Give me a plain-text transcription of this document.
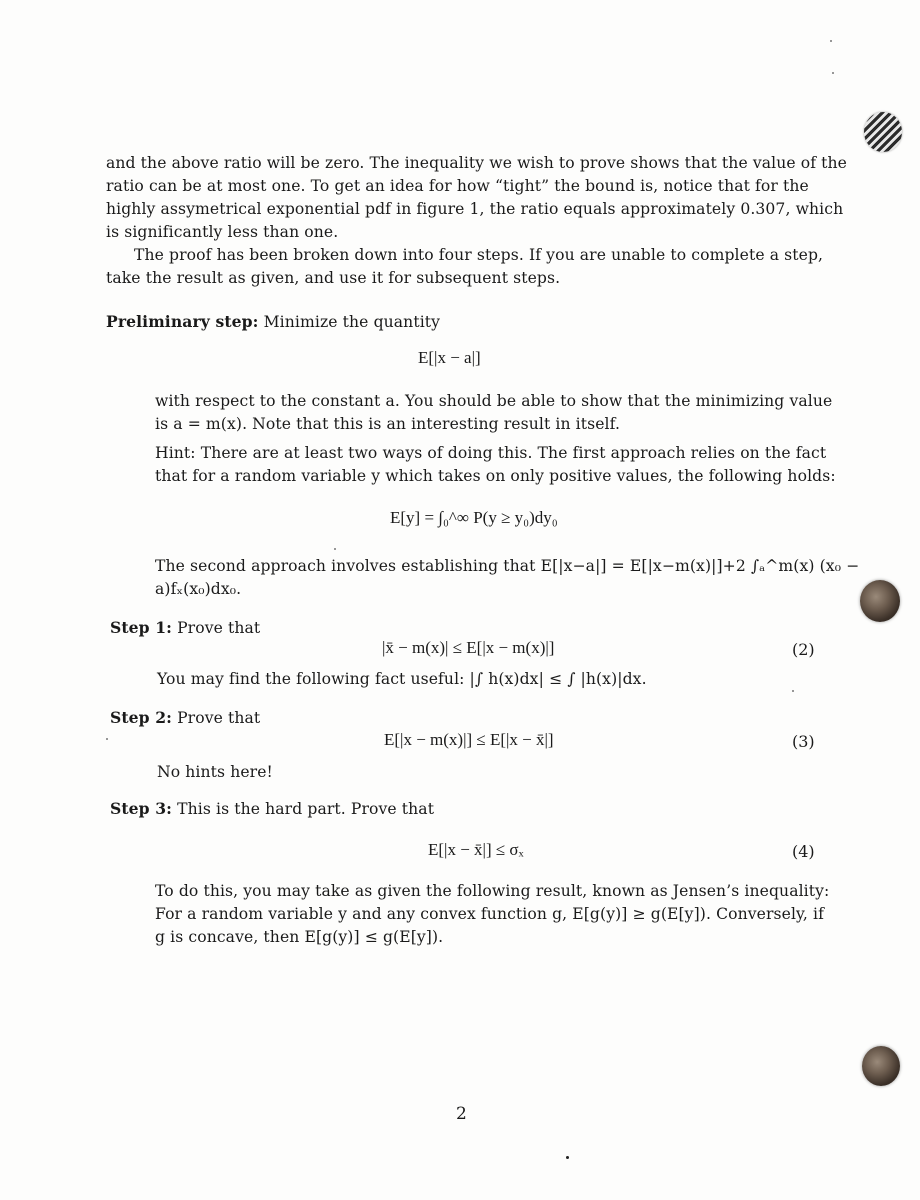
and the above ratio will be zero. The inequality we wish to prove shows that the value of the
ratio can be at most one. To get an idea for how “tight” the bound is, notice that for the
highly assymetrical exponential pdf in figure 1, the ratio equals approximately 0.307, which
is significantly less than one.
The proof has been broken down into four steps. If you are unable to complete a step,
take the result as given, and use it for subsequent steps.
Preliminary step: Minimize the quantity
E[|x − a|]
with respect to the constant a. You should be able to show that the minimizing value
is a = m(x). Note that this is an interesting result in itself.
Hint: There are at least two ways of doing this. The first approach relies on the fact
that for a random variable y which takes on only positive values, the following holds:
E[y] = ∫₀^∞ P(y ≥ y₀)dy₀
The second approach involves establishing that E[|x−a|] = E[|x−m(x)|]+2 ∫ₐ^m(x) (x₀ −
a)fₓ(x₀)dx₀.
Step 1: Prove that
|x̄ − m(x)| ≤ E[|x − m(x)|]	(2)
You may find the following fact useful: |∫ h(x)dx| ≤ ∫ |h(x)|dx.
Step 2: Prove that
E[|x − m(x)|] ≤ E[|x − x̄|]	(3)
No hints here!
Step 3: This is the hard part. Prove that
E[|x − x̄|] ≤ σₓ	(4)
To do this, you may take as given the following result, known as Jensen’s inequality:
For a random variable y and any convex function g, E[g(y)] ≥ g(E[y]). Conversely, if
g is concave, then E[g(y)] ≤ g(E[y]).
2
